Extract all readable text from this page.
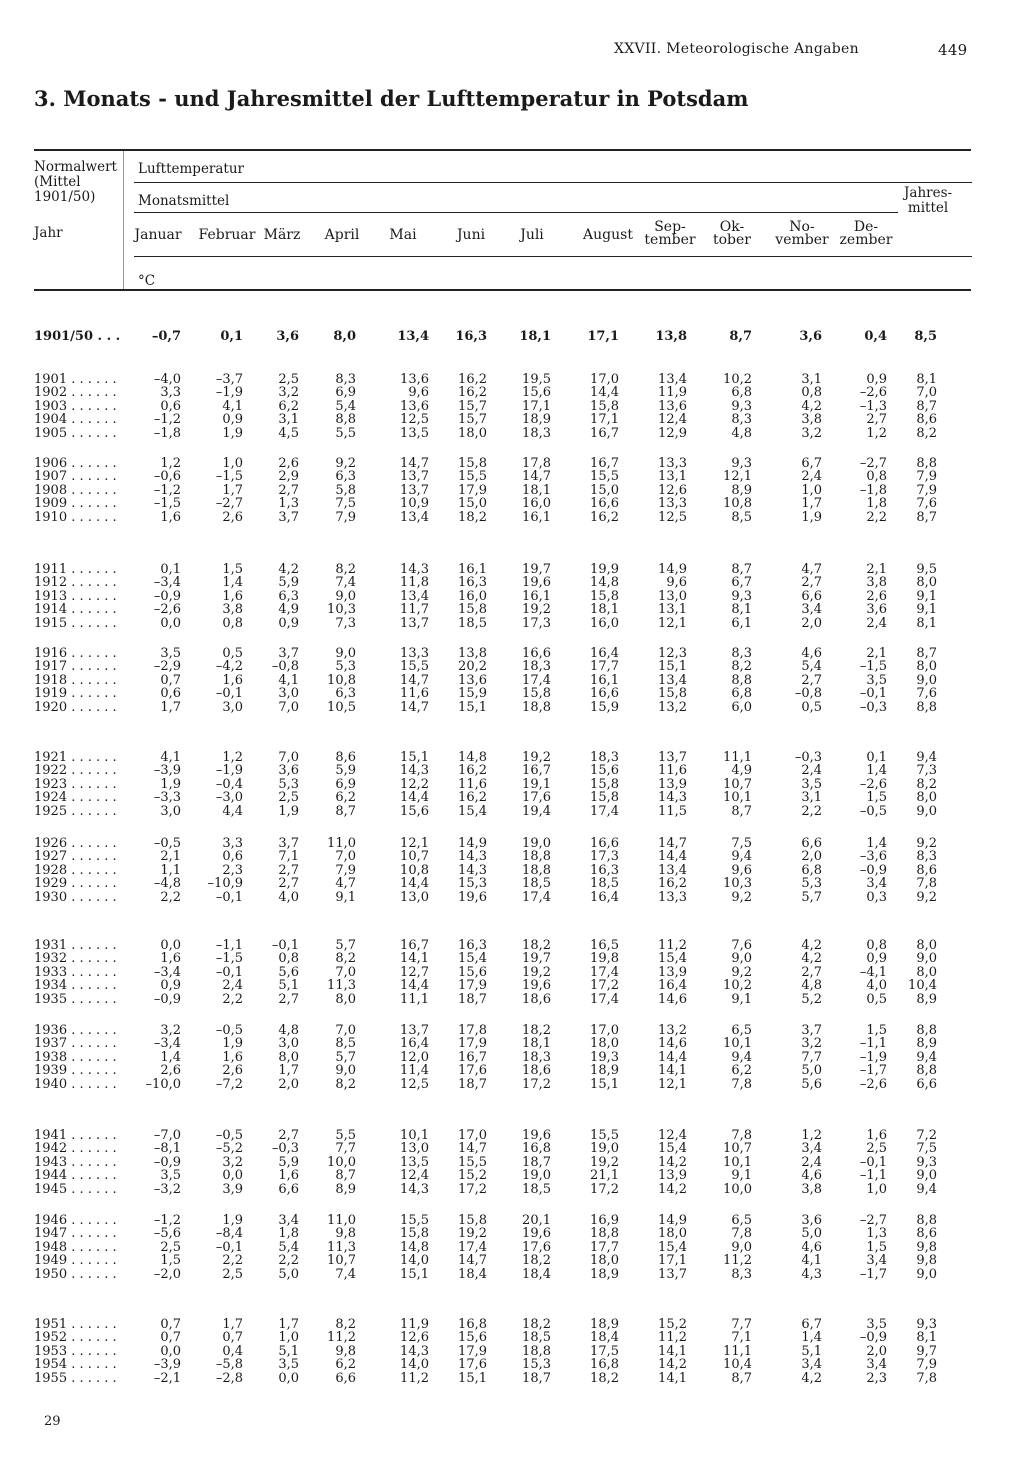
XXVII. Meteorologische Angaben	449
3. Monats - und Jahresmittel der Lufttemperatur in Potsdam
Normalwert
(Mittel
1901/50)
Jahr
Lufttemperatur
Monatsmittel	Jahres-
mittel
°C
Januar	Februar März	April	Mai	Juni	Juli	August	Sep-
tember
Ok-
tober
No-
vember
De-
zember
1901/50 . . .	–0,7	0,1	3,6	8,0	13,4	16,3	18,1	17,1	13,8	8,7	3,6	0,4	8,5
1901 . . . . . .	–4,0	–3,7	2,5	8,3	13,6	16,2	19,5	17,0	13,4	10,2	3,1	0,9	8,1
1902 . . . . . .	3,3	–1,9	3,2	6,9	9,6	16,2	15,6	14,4	11,9	6,8	0,8	–2,6	7,0
1903 . . . . . .	0,6	4,1	6,2	5,4	13,6	15,7	17,1	15,8	13,6	9,3	4,2	–1,3	8,7
1904 . . . . . .	–1,2	0,9	3,1	8,8	12,5	15,7	18,9	17,1	12,4	8,3	3,8	2,7	8,6
1905 . . . . . .	–1,8	1,9	4,5	5,5	13,5	18,0	18,3	16,7	12,9	4,8	3,2	1,2	8,2
1906 . . . . . .	1,2	1,0	2,6	9,2	14,7	15,8	17,8	16,7	13,3	9,3	6,7	–2,7	8,8
1907 . . . . . .	–0,6	–1,5	2,9	6,3	13,7	15,5	14,7	15,5	13,1	12,1	2,4	0,8	7,9
1908 . . . . . .	–1,2	1,7	2,7	5,8	13,7	17,9	18,1	15,0	12,6	8,9	1,0	–1,8	7,9
1909 . . . . . .	–1,5	–2,7	1,3	7,5	10,9	15,0	16,0	16,6	13,3	10,8	1,7	1,8	7,6
1910 . . . . . .	1,6	2,6	3,7	7,9	13,4	18,2	16,1	16,2	12,5	8,5	1,9	2,2	8,7
1911 . . . . . .	0,1	1,5	4,2	8,2	14,3	16,1	19,7	19,9	14,9	8,7	4,7	2,1	9,5
1912 . . . . . .	–3,4	1,4	5,9	7,4	11,8	16,3	19,6	14,8	9,6	6,7	2,7	3,8	8,0
1913 . . . . . .	–0,9	1,6	6,3	9,0	13,4	16,0	16,1	15,8	13,0	9,3	6,6	2,6	9,1
1914 . . . . . .	–2,6	3,8	4,9	10,3	11,7	15,8	19,2	18,1	13,1	8,1	3,4	3,6	9,1
1915 . . . . . .	0,0	0,8	0,9	7,3	13,7	18,5	17,3	16,0	12,1	6,1	2,0	2,4	8,1
1916 . . . . . .	3,5	0,5	3,7	9,0	13,3	13,8	16,6	16,4	12,3	8,3	4,6	2,1	8,7
1917 . . . . . .	–2,9	–4,2	–0,8	5,3	15,5	20,2	18,3	17,7	15,1	8,2	5,4	–1,5	8,0
1918 . . . . . .	0,7	1,6	4,1	10,8	14,7	13,6	17,4	16,1	13,4	8,8	2,7	3,5	9,0
1919 . . . . . .	0,6	–0,1	3,0	6,3	11,6	15,9	15,8	16,6	15,8	6,8	–0,8	–0,1	7,6
1920 . . . . . .	1,7	3,0	7,0	10,5	14,7	15,1	18,8	15,9	13,2	6,0	0,5	–0,3	8,8
1921 . . . . . .	4,1	1,2	7,0	8,6	15,1	14,8	19,2	18,3	13,7	11,1	–0,3	0,1	9,4
1922 . . . . . .	–3,9	–1,9	3,6	5,9	14,3	16,2	16,7	15,6	11,6	4,9	2,4	1,4	7,3
1923 . . . . . .	1,9	–0,4	5,3	6,9	12,2	11,6	19,1	15,8	13,9	10,7	3,5	–2,6	8,2
1924 . . . . . .	–3,3	–3,0	2,5	6,2	14,4	16,2	17,6	15,8	14,3	10,1	3,1	1,5	8,0
1925 . . . . . .	3,0	4,4	1,9	8,7	15,6	15,4	19,4	17,4	11,5	8,7	2,2	–0,5	9,0
1926 . . . . . .	–0,5	3,3	3,7	11,0	12,1	14,9	19,0	16,6	14,7	7,5	6,6	1,4	9,2
1927 . . . . . .	2,1	0,6	7,1	7,0	10,7	14,3	18,8	17,3	14,4	9,4	2,0	–3,6	8,3
1928 . . . . . .	1,1	2,3	2,7	7,9	10,8	14,3	18,8	16,3	13,4	9,6	6,8	–0,9	8,6
1929 . . . . . .	–4,8	–10,9	2,7	4,7	14,4	15,3	18,5	18,5	16,2	10,3	5,3	3,4	7,8
1930 . . . . . .	2,2	–0,1	4,0	9,1	13,0	19,6	17,4	16,4	13,3	9,2	5,7	0,3	9,2
1931 . . . . . .	0,0	–1,1	–0,1	5,7	16,7	16,3	18,2	16,5	11,2	7,6	4,2	0,8	8,0
1932 . . . . . .	1,6	–1,5	0,8	8,2	14,1	15,4	19,7	19,8	15,4	9,0	4,2	0,9	9,0
1933 . . . . . .	–3,4	–0,1	5,6	7,0	12,7	15,6	19,2	17,4	13,9	9,2	2,7	–4,1	8,0
1934 . . . . . .	0,9	2,4	5,1	11,3	14,4	17,9	19,6	17,2	16,4	10,2	4,8	4,0	10,4
1935 . . . . . .	–0,9	2,2	2,7	8,0	11,1	18,7	18,6	17,4	14,6	9,1	5,2	0,5	8,9
1936 . . . . . .	3,2	–0,5	4,8	7,0	13,7	17,8	18,2	17,0	13,2	6,5	3,7	1,5	8,8
1937 . . . . . .	–3,4	1,9	3,0	8,5	16,4	17,9	18,1	18,0	14,6	10,1	3,2	–1,1	8,9
1938 . . . . . .	1,4	1,6	8,0	5,7	12,0	16,7	18,3	19,3	14,4	9,4	7,7	–1,9	9,4
1939 . . . . . .	2,6	2,6	1,7	9,0	11,4	17,6	18,6	18,9	14,1	6,2	5,0	–1,7	8,8
1940 . . . . . .	–10,0	–7,2	2,0	8,2	12,5	18,7	17,2	15,1	12,1	7,8	5,6	–2,6	6,6
1941 . . . . . .	–7,0	–0,5	2,7	5,5	10,1	17,0	19,6	15,5	12,4	7,8	1,2	1,6	7,2
1942 . . . . . .	–8,1	–5,2	–0,3	7,7	13,0	14,7	16,8	19,0	15,4	10,7	3,4	2,5	7,5
1943 . . . . . .	–0,9	3,2	5,9	10,0	13,5	15,5	18,7	19,2	14,2	10,1	2,4	–0,1	9,3
1944 . . . . . .	3,5	0,0	1,6	8,7	12,4	15,2	19,0	21,1	13,9	9,1	4,6	–1,1	9,0
1945 . . . . . .	–3,2	3,9	6,6	8,9	14,3	17,2	18,5	17,2	14,2	10,0	3,8	1,0	9,4
1946 . . . . . .	–1,2	1,9	3,4	11,0	15,5	15,8	20,1	16,9	14,9	6,5	3,6	–2,7	8,8
1947 . . . . . .	–5,6	–8,4	1,8	9,8	15,8	19,2	19,6	18,8	18,0	7,8	5,0	1,3	8,6
1948 . . . . . .	2,5	–0,1	5,4	11,3	14,8	17,4	17,6	17,7	15,4	9,0	4,6	1,5	9,8
1949 . . . . . .	1,5	2,2	2,2	10,7	14,0	14,7	18,2	18,0	17,1	11,2	4,1	3,4	9,8
1950 . . . . . .	–2,0	2,5	5,0	7,4	15,1	18,4	18,4	18,9	13,7	8,3	4,3	–1,7	9,0
1951 . . . . . .	0,7	1,7	1,7	8,2	11,9	16,8	18,2	18,9	15,2	7,7	6,7	3,5	9,3
1952 . . . . . .	0,7	0,7	1,0	11,2	12,6	15,6	18,5	18,4	11,2	7,1	1,4	–0,9	8,1
1953 . . . . . .	0,0	0,4	5,1	9,8	14,3	17,9	18,8	17,5	14,1	11,1	5,1	2,0	9,7
1954 . . . . . .	–3,9	–5,8	3,5	6,2	14,0	17,6	15,3	16,8	14,2	10,4	3,4	3,4	7,9
1955 . . . . . .	–2,1	–2,8	0,0	6,6	11,2	15,1	18,7	18,2	14,1	8,7	4,2	2,3	7,8
29
